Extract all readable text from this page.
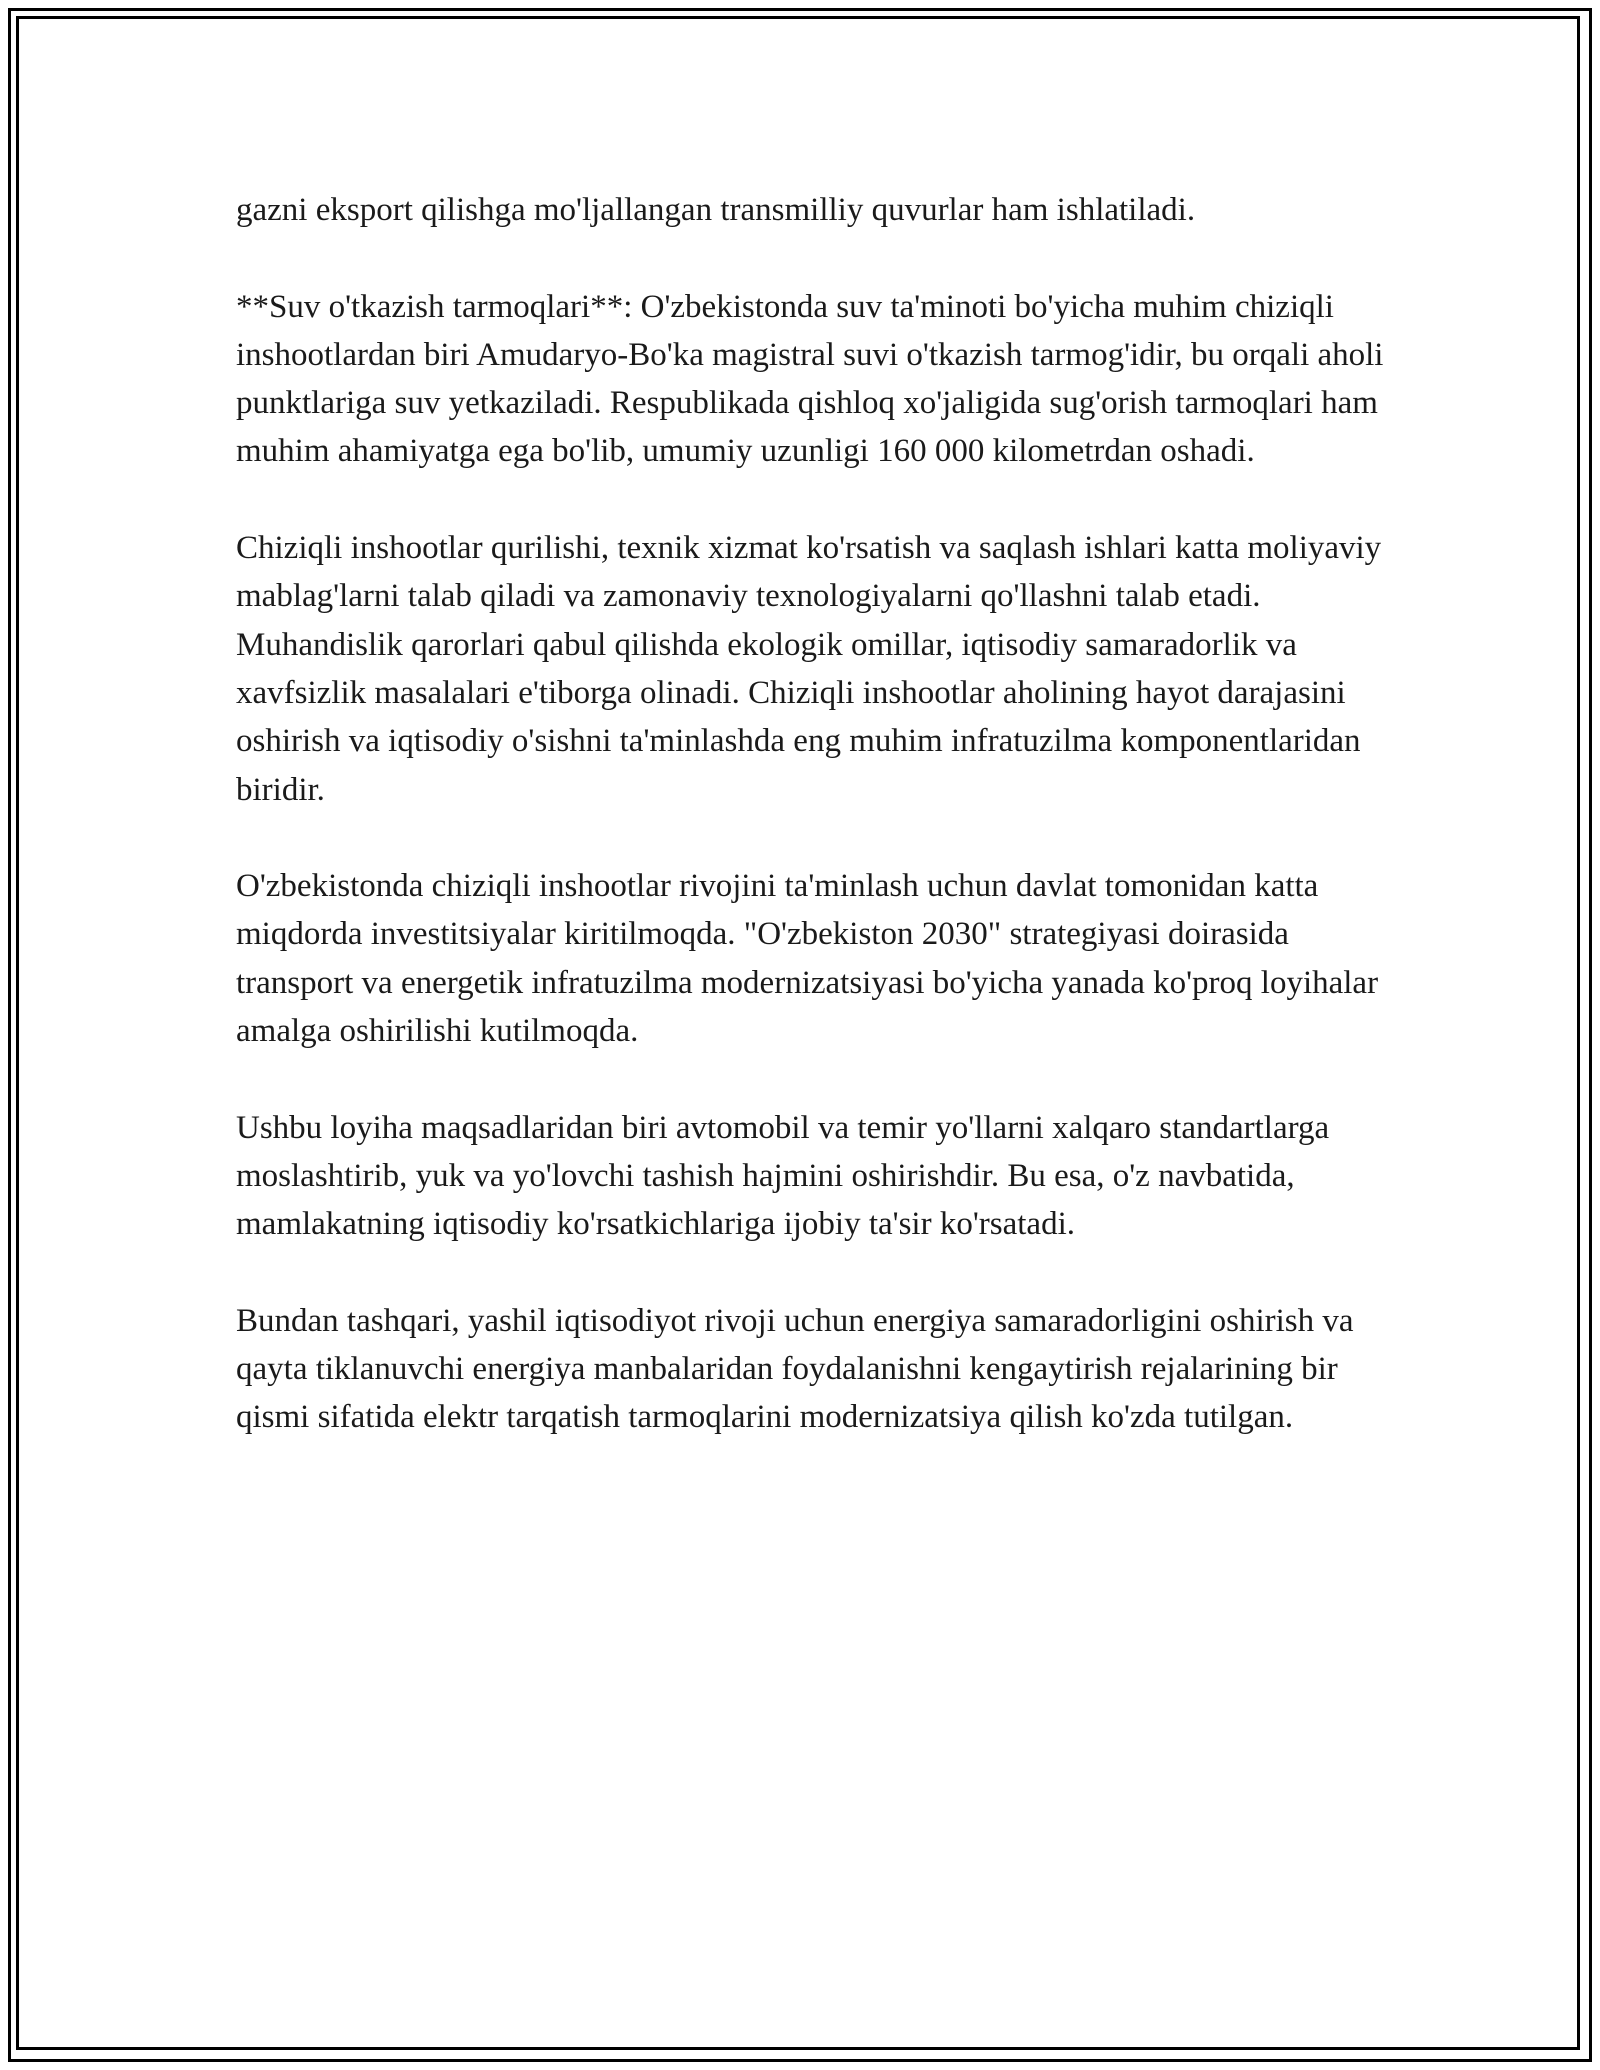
gazni eksport qilishga mo'ljallangan transmilliy quvurlar ham ishlatiladi.

**Suv o'tkazish tarmoqlari**: O'zbekistonda suv ta'minoti bo'yicha muhim chiziqli inshootlardan biri Amudaryo-Bo'ka magistral suvi o'tkazish tarmog'idir, bu orqali aholi punktlariga suv yetkaziladi. Respublikada qishloq xo'jaligida sug'orish tarmoqlari ham muhim ahamiyatga ega bo'lib, umumiy uzunligi 160 000 kilometrdan oshadi.

Chiziqli inshootlar qurilishi, texnik xizmat ko'rsatish va saqlash ishlari katta moliyaviy mablag'larni talab qiladi va zamonaviy texnologiyalarni qo'llashni talab etadi. Muhandislik qarorlari qabul qilishda ekologik omillar, iqtisodiy samaradorlik va xavfsizlik masalalari e'tiborga olinadi. Chiziqli inshootlar aholining hayot darajasini oshirish va iqtisodiy o'sishni ta'minlashda eng muhim infratuzilma komponentlaridan biridir.

O'zbekistonda chiziqli inshootlar rivojini ta'minlash uchun davlat tomonidan katta miqdorda investitsiyalar kiritilmoqda. "O'zbekiston 2030" strategiyasi doirasida transport va energetik infratuzilma modernizatsiyasi bo'yicha yanada ko'proq loyihalar amalga oshirilishi kutilmoqda.

Ushbu loyiha maqsadlaridan biri avtomobil va temir yo'llarni xalqaro standartlarga moslashtirib, yuk va yo'lovchi tashish hajmini oshirishdir. Bu esa, o'z navbatida, mamlakatning iqtisodiy ko'rsatkichlariga ijobiy ta'sir ko'rsatadi.

Bundan tashqari, yashil iqtisodiyot rivoji uchun energiya samaradorligini oshirish va qayta tiklanuvchi energiya manbalaridan foydalanishni kengaytirish rejalarining bir qismi sifatida elektr tarqatish tarmoqlarini modernizatsiya qilish ko'zda tutilgan.
